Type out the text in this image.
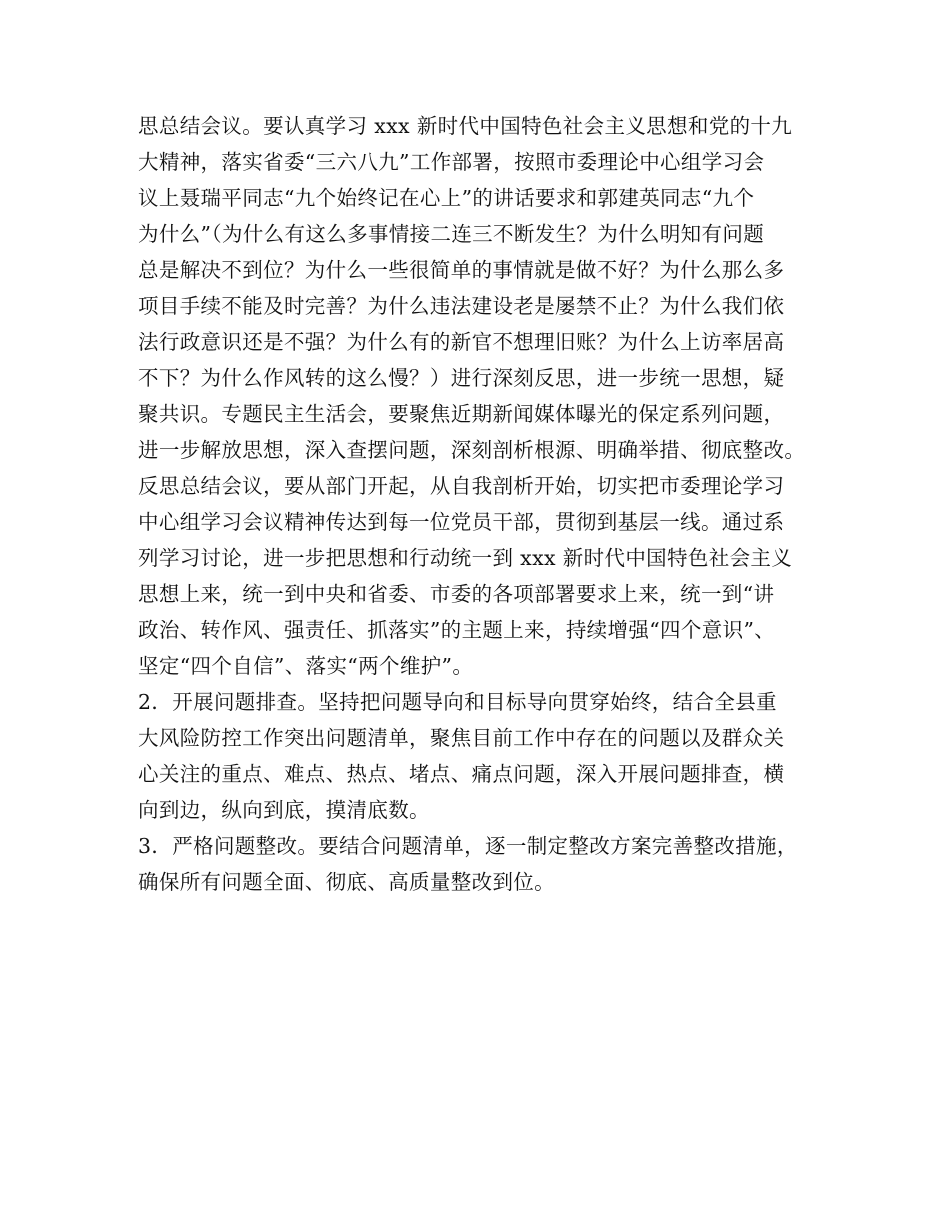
思总结会议。要认真学习 xxx 新时代中国特色社会主义思想和党的十九
大精神，落实省委“三六八九”工作部署，按照市委理论中心组学习会
议上聂瑞平同志“九个始终记在心上”的讲话要求和郭建英同志“九个
为什么”（为什么有这么多事情接二连三不断发生？为什么明知有问题
总是解决不到位？为什么一些很简单的事情就是做不好？为什么那么多
项目手续不能及时完善？为什么违法建设老是屡禁不止？为什么我们依
法行政意识还是不强？为什么有的新官不想理旧账？为什么上访率居高
不下？为什么作风转的这么慢？）进行深刻反思，进一步统一思想，疑
聚共识。专题民主生活会，要聚焦近期新闻媒体曝光的保定系列问题，
进一步解放思想，深入查摆问题，深刻剖析根源、明确举措、彻底整改。
反思总结会议，要从部门开起，从自我剖析开始，切实把市委理论学习
中心组学习会议精神传达到每一位党员干部，贯彻到基层一线。通过系
列学习讨论，进一步把思想和行动统一到 xxx 新时代中国特色社会主义
思想上来，统一到中央和省委、市委的各项部署要求上来，统一到“讲
政治、转作风、强责任、抓落实”的主题上来，持续增强“四个意识”、
坚定“四个自信”、落实“两个维护”。
2．开展问题排查。坚持把问题导向和目标导向贯穿始终，结合全县重
大风险防控工作突出问题清单，聚焦目前工作中存在的问题以及群众关
心关注的重点、难点、热点、堵点、痛点问题，深入开展问题排查，横
向到边，纵向到底，摸清底数。
3．严格问题整改。要结合问题清单，逐一制定整改方案完善整改措施，
确保所有问题全面、彻底、高质量整改到位。
